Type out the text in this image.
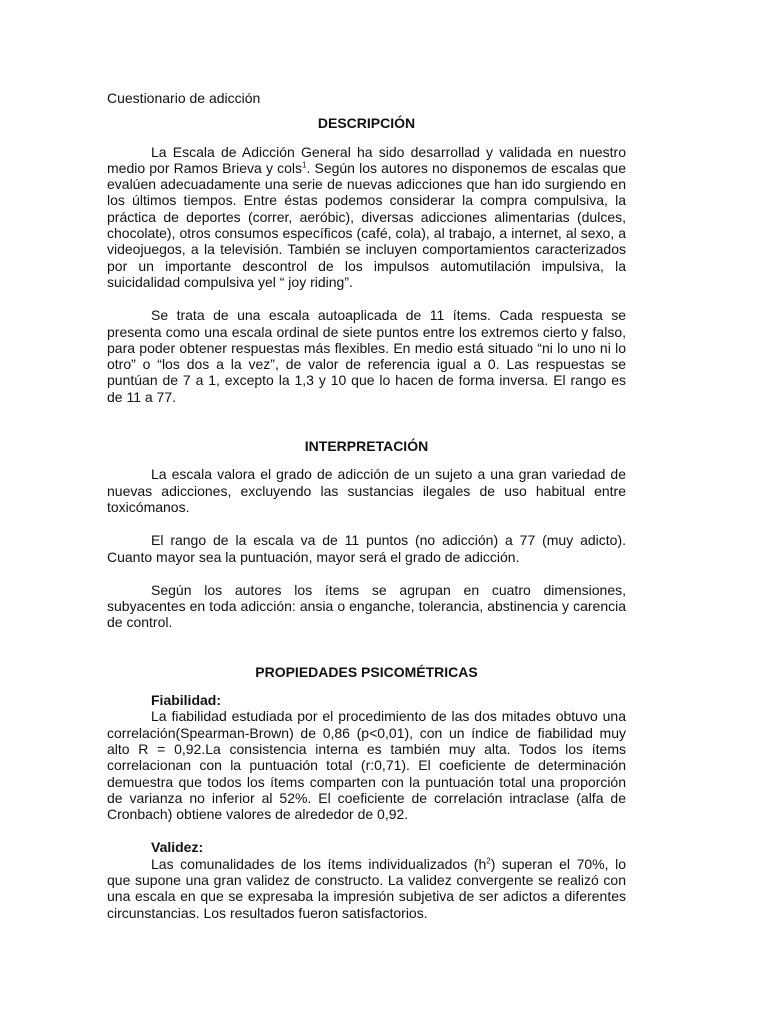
Cuestionario de adicción

DESCRIPCIÓN

La Escala de Adicción General ha sido desarrollad y validada en nuestro medio por Ramos Brieva y cols$^1$. Según los autores no disponemos de escalas que evalúen adecuadamente una serie de nuevas adicciones que han ido surgiendo en los últimos tiempos. Entre éstas podemos considerar la compra compulsiva, la práctica de deportes (correr, aeróbic), diversas adicciones alimentarias (dulces, chocolate), otros consumos específicos (café, cola), al trabajo, a internet, al sexo, a videojuegos, a la televisión. También se incluyen comportamientos caracterizados por un importante descontrol de los impulsos automutilación impulsiva, la suicidalidad compulsiva yel “ joy riding”.

Se trata de una escala autoaplicada de 11 ítems. Cada respuesta se presenta como una escala ordinal de siete puntos entre los extremos cierto y falso, para poder obtener respuestas más flexibles. En medio está situado “ni lo uno ni lo otro” o “los dos a la vez”, de valor de referencia igual a 0. Las respuestas se puntúan de 7 a 1, excepto la 1,3 y 10 que lo hacen de forma inversa. El rango es de 11 a 77.

INTERPRETACIÓN

La escala valora el grado de adicción de un sujeto a una gran variedad de nuevas adicciones, excluyendo las sustancias ilegales de uso habitual entre toxicómanos.

El rango de la escala va de 11 puntos (no adicción) a 77 (muy adicto). Cuanto mayor sea la puntuación, mayor será el grado de adicción.

Según los autores los ítems se agrupan en cuatro dimensiones, subyacentes en toda adicción: ansia o enganche, tolerancia, abstinencia y carencia de control.

PROPIEDADES PSICOMÉTRICAS

Fiabilidad:

La fiabilidad estudiada por el procedimiento de las dos mitades obtuvo una correlación(Spearman-Brown) de 0,86 (p<0,01), con un índice de fiabilidad muy alto R = 0,92.La consistencia interna es también muy alta. Todos los ítems correlacionan con la puntuación total (r:0,71). El coeficiente de determinación demuestra que todos los ítems comparten con la puntuación total una proporción de varianza no inferior al 52%. El coeficiente de correlación intraclase (alfa de Cronbach) obtiene valores de alrededor de 0,92.

Validez:

Las comunalidades de los ítems individualizados $(h^2)$ superan el 70%, lo que supone una gran validez de constructo. La validez convergente se realizó con una escala en que se expresaba la impresión subjetiva de ser adictos a diferentes circunstancias. Los resultados fueron satisfactorios.
